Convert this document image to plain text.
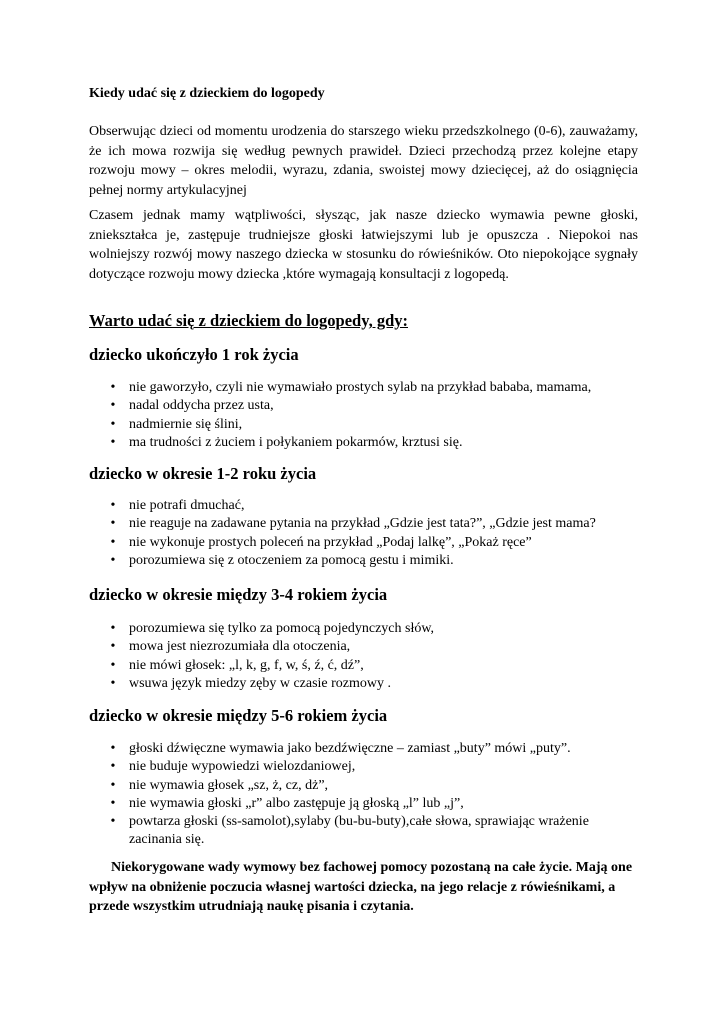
Kiedy udać się z dzieckiem do logopedy

Obserwując dzieci od momentu urodzenia do starszego wieku przedszkolnego (0-6), zauważamy, że ich mowa rozwija się według pewnych prawideł. Dzieci przechodzą przez kolejne etapy rozwoju mowy – okres melodii, wyrazu, zdania, swoistej mowy dziecięcej, aż do osiągnięcia pełnej normy artykulacyjnej

Czasem jednak mamy wątpliwości, słysząc, jak nasze dziecko wymawia pewne głoski, zniekształca je, zastępuje trudniejsze głoski łatwiejszymi lub je opuszcza . Niepokoi nas wolniejszy rozwój mowy naszego dziecka w stosunku do rówieśników. Oto niepokojące sygnały dotyczące rozwoju mowy dziecka ,które wymagają konsultacji z logopedą.

Warto udać się z dzieckiem do logopedy, gdy:
dziecko ukończyło 1 rok życia
• nie gaworzyło, czyli nie wymawiało prostych sylab na przykład bababa, mamama,
• nadal oddycha przez usta,
• nadmiernie się ślini,
• ma trudności z żuciem i połykaniem pokarmów, krztusi się.
dziecko w okresie 1-2 roku życia
• nie potrafi dmuchać,
• nie reaguje na zadawane pytania na przykład „Gdzie jest tata?”, „Gdzie jest mama?
• nie wykonuje prostych poleceń na przykład „Podaj lalkę”, „Pokaż ręce”
• porozumiewa się z otoczeniem za pomocą gestu i mimiki.
dziecko w okresie między 3-4 rokiem życia
• porozumiewa się tylko za pomocą pojedynczych słów,
• mowa jest niezrozumiała dla otoczenia,
• nie mówi głosek: „l, k, g, f, w, ś, ź, ć, dź”,
• wsuwa język miedzy zęby w czasie rozmowy .
dziecko w okresie między 5-6 rokiem życia
• głoski dźwięczne wymawia jako bezdźwięczne – zamiast „buty” mówi „puty”.
• nie buduje wypowiedzi wielozdaniowej,
• nie wymawia głosek „sz, ż, cz, dż”,
• nie wymawia głoski „r” albo zastępuje ją głoską „l” lub „j”,
• powtarza głoski (ss-samolot),sylaby (bu-bu-buty),całe słowa, sprawiając wrażenie zacinania się.

Niekorygowane wady wymowy bez fachowej pomocy pozostaną na całe życie. Mają one wpływ na obniżenie poczucia własnej wartości dziecka, na jego relacje z rówieśnikami, a przede wszystkim utrudniają naukę pisania i czytania.
